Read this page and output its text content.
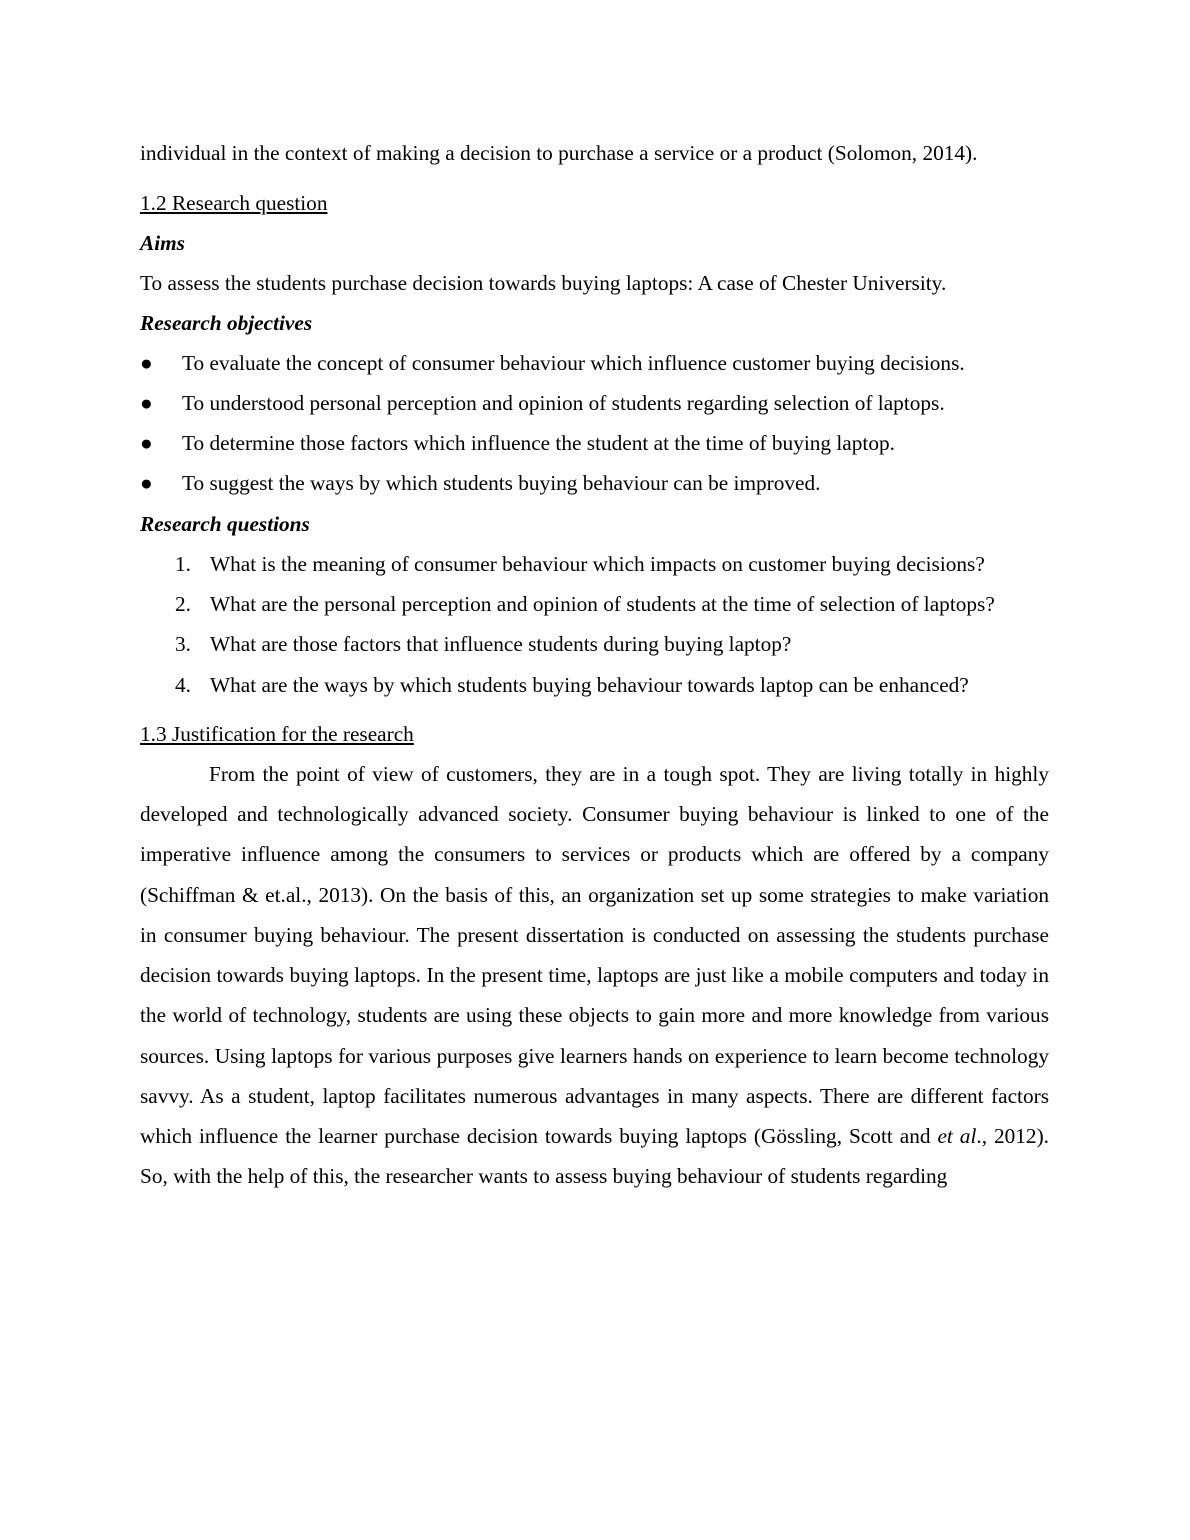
individual in the context of making a decision to purchase a service or a product (Solomon, 2014).

1.2 Research question

Aims

To assess the students purchase decision towards buying laptops: A case of Chester University.

Research objectives

● To evaluate the concept of consumer behaviour which influence customer buying decisions.
● To understood personal perception and opinion of students regarding selection of laptops.
● To determine those factors which influence the student at the time of buying laptop.
● To suggest the ways by which students buying behaviour can be improved.

Research questions

1. What is the meaning of consumer behaviour which impacts on customer buying decisions?
2. What are the personal perception and opinion of students at the time of selection of laptops?
3. What are those factors that influence students during buying laptop?
4. What are the ways by which students buying behaviour towards laptop can be enhanced?

1.3 Justification for the research

From the point of view of customers, they are in a tough spot. They are living totally in highly developed and technologically advanced society. Consumer buying behaviour is linked to one of the imperative influence among the consumers to services or products which are offered by a company (Schiffman & et.al., 2013). On the basis of this, an organization set up some strategies to make variation in consumer buying behaviour. The present dissertation is conducted on assessing the students purchase decision towards buying laptops. In the present time, laptops are just like a mobile computers and today in the world of technology, students are using these objects to gain more and more knowledge from various sources. Using laptops for various purposes give learners hands on experience to learn become technology savvy. As a student, laptop facilitates numerous advantages in many aspects. There are different factors which influence the learner purchase decision towards buying laptops (Gössling, Scott and et al., 2012). So, with the help of this, the researcher wants to assess buying behaviour of students regarding
